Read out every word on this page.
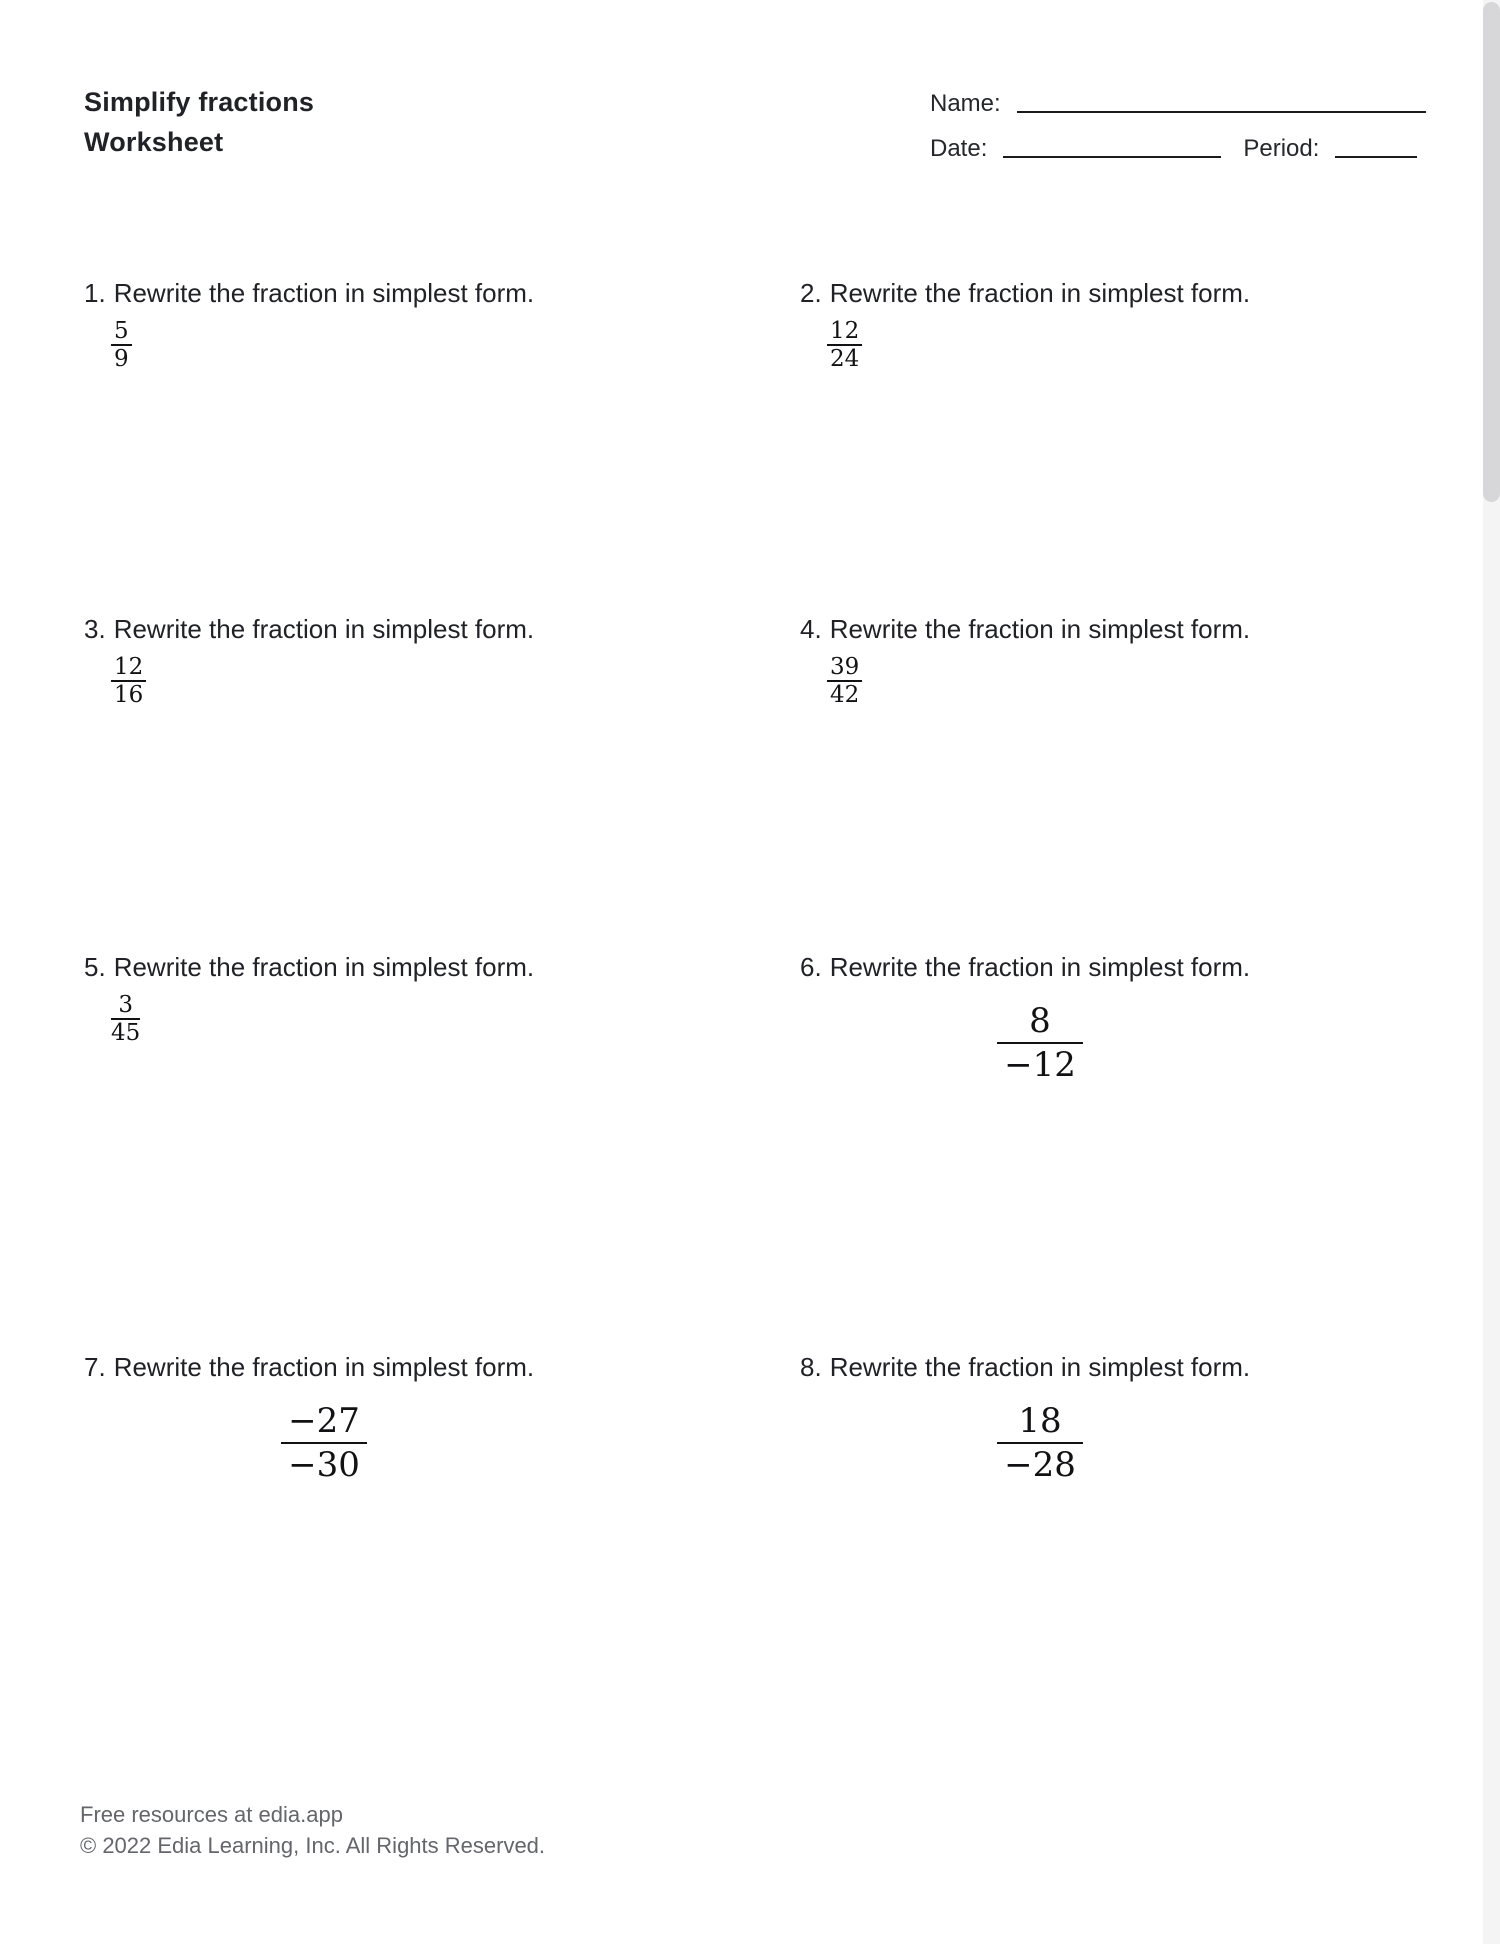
Simplify fractions
Worksheet
Name:
Date:	Period:
1. Rewrite the fraction in simplest form.
$\frac{5}{9}$
2. Rewrite the fraction in simplest form.
$\frac{12}{24}$
3. Rewrite the fraction in simplest form.
$\frac{12}{16}$
4. Rewrite the fraction in simplest form.
$\frac{39}{42}$
5. Rewrite the fraction in simplest form.
$\frac{3}{45}$
6. Rewrite the fraction in simplest form.
$\frac{8}{-12}$
7. Rewrite the fraction in simplest form.
$\frac{-27}{-30}$
8. Rewrite the fraction in simplest form.
$\frac{18}{-28}$
Free resources at edia.app
© 2022 Edia Learning, Inc. All Rights Reserved.
